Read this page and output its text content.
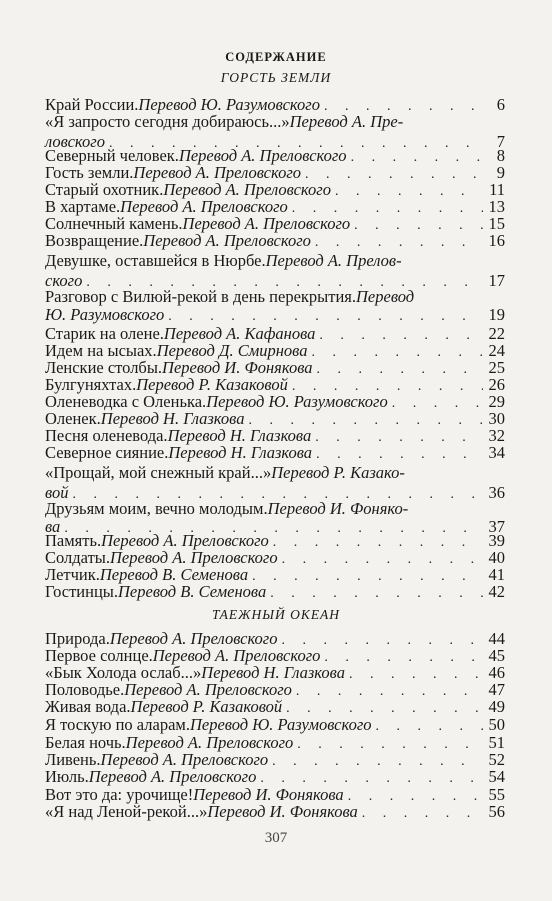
СОДЕРЖАНИЕ
ГОРСТЬ ЗЕМЛИ
Край России. Перевод Ю. Разумовского . . .	6
«Я запросто сегодня добираюсь...» Перевод А. Пре-
ловского . . .	7
Северный человек. Перевод А. Преловского . . .	8
Гость земли. Перевод А. Преловского . . .	9
Старый охотник. Перевод А. Преловского . . .	11
В хартаме. Перевод А. Преловского . . .	13
Солнечный камень. Перевод А. Преловского . . .	15
Возвращение. Перевод А. Преловского . . .	16
Девушке, оставшейся в Нюрбе. Перевод А. Прелов-
ского . . .	17
Разговор с Вилюй-рекой в день перекрытия. Перевод
Ю. Разумовского . . .	19
Старик на олене. Перевод А. Кафанова . . .	22
Идем на ысыах. Перевод Д. Смирнова . . .	24
Ленские столбы. Перевод И. Фонякова . . .	25
Булгуняхтах. Перевод Р. Казаковой . . .	26
Оленеводка с Оленька. Перевод Ю. Разумовского . . .	29
Оленек. Перевод Н. Глазкова . . .	30
Песня оленевода. Перевод Н. Глазкова . . .	32
Северное сияние. Перевод Н. Глазкова . . .	34
«Прощай, мой снежный край...» Перевод Р. Казако-
вой . . .	36
Друзьям моим, вечно молодым. Перевод И. Фоняко-
ва . . .	37
Память. Перевод А. Преловского . . .	39
Солдаты. Перевод А. Преловского . . .	40
Летчик. Перевод В. Семенова . . .	41
Гостинцы. Перевод В. Семенова . . .	42
ТАЕЖНЫЙ ОКЕАН
Природа. Перевод А. Преловского . . .	44
Первое солнце. Перевод А. Преловского . . .	45
«Бык Холода ослаб...» Перевод Н. Глазкова . . .	46
Половодье. Перевод А. Преловского . . .	47
Живая вода. Перевод Р. Казаковой . . .	49
Я тоскую по аларам. Перевод Ю. Разумовского . . .	50
Белая ночь. Перевод А. Преловского . . .	51
Ливень. Перевод А. Преловского . . .	52
Июль. Перевод А. Преловского . . .	54
Вот это да: урочище! Перевод И. Фонякова . . .	55
«Я над Леной-рекой...» Перевод И. Фонякова . . .	56
307
